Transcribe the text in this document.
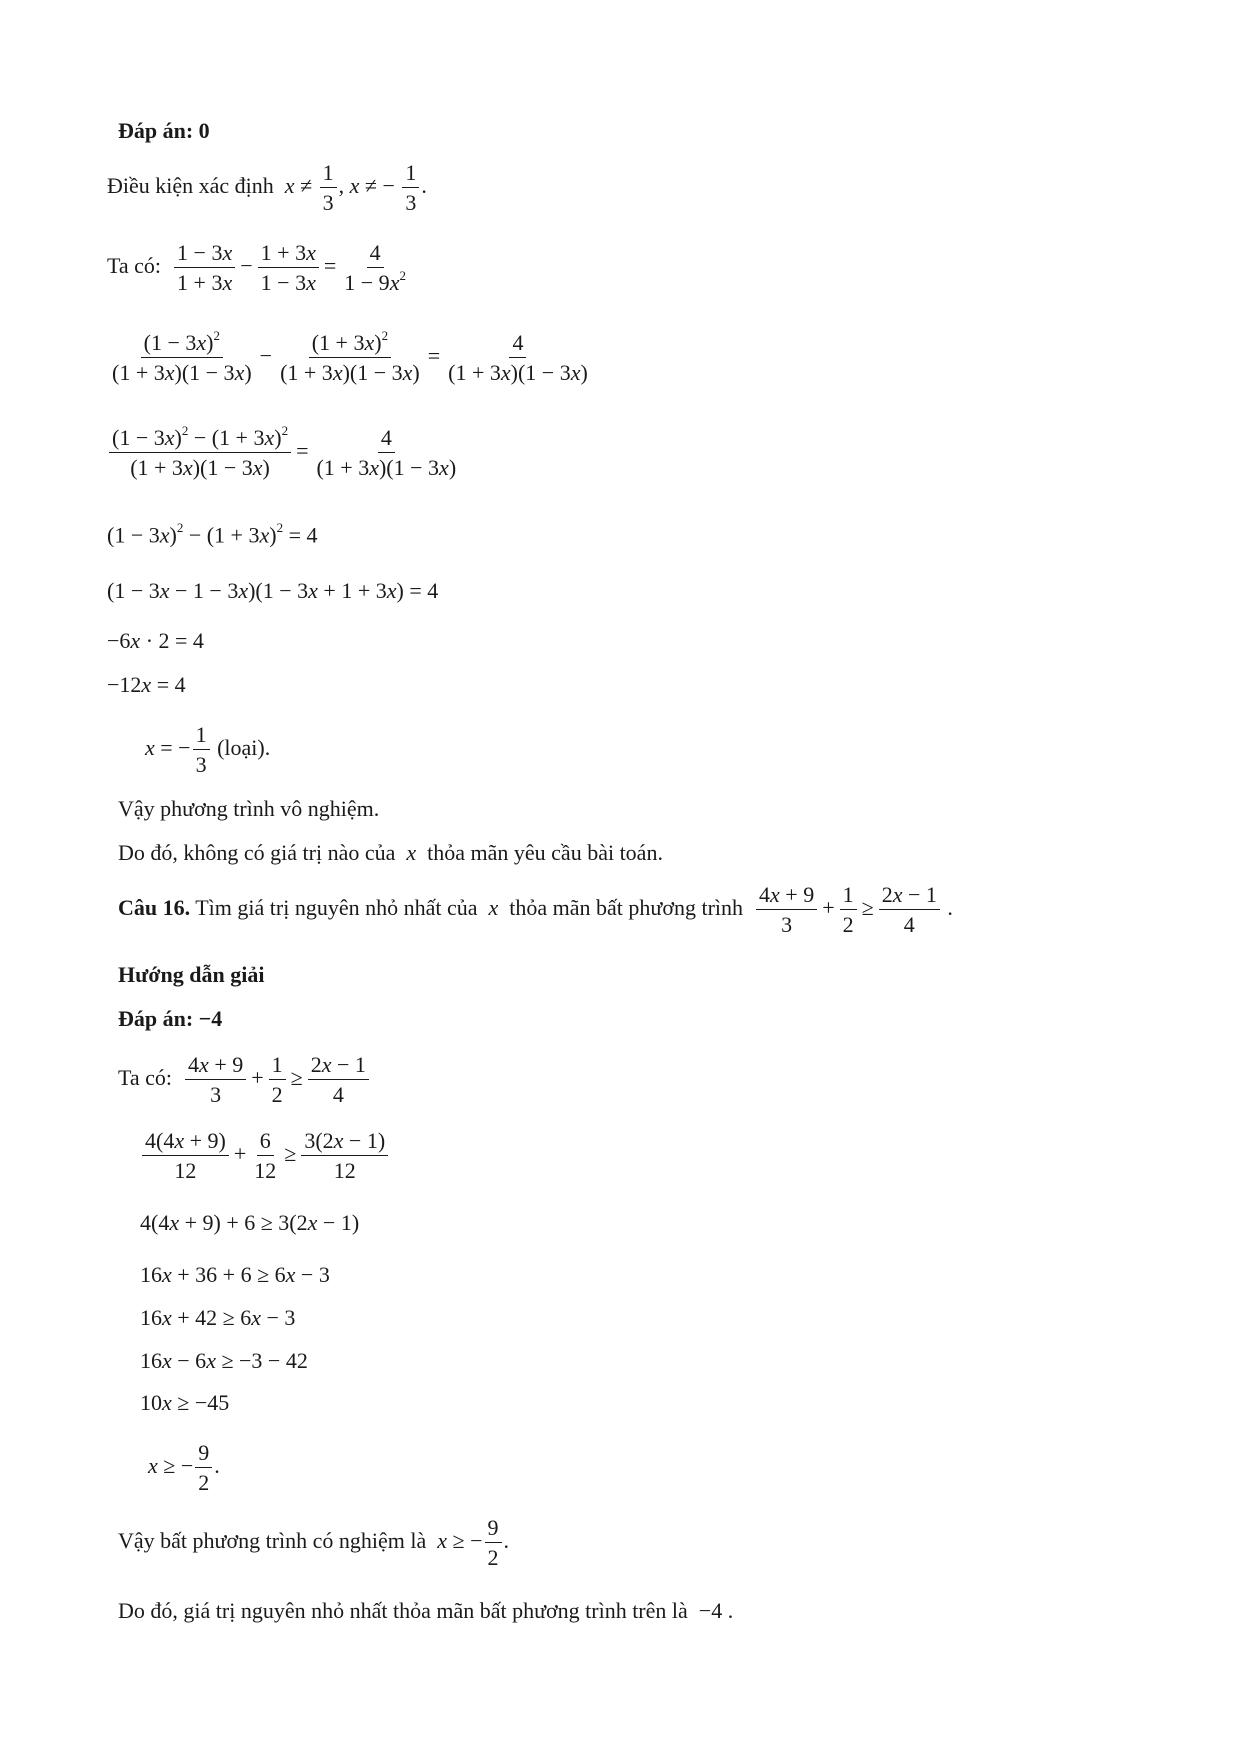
Đáp án: 0
Điều kiện xác định $x \ne \frac{1}{3}$ , x ≠ − $\frac{1}{3}$ .
Ta có: $\frac{1 - 3x}{1 + 3x} - \frac{1 + 3x}{1 - 3x} = \frac{4}{1 - 9x^2}$
$\frac{(1 - 3x)^2}{(1 + 3x)(1 - 3x)} - \frac{(1 + 3x)^2}{(1 + 3x)(1 - 3x)} = \frac{4}{(1 + 3x)(1 - 3x)}$
$\frac{(1 - 3x)^2 - (1 + 3x)^2}{(1 + 3x)(1 - 3x)} = \frac{4}{(1 + 3x)(1 - 3x)}$
$(1 - 3x)^2 - (1 + 3x)^2 = 4$
(1 − 3x − 1 − 3x)(1 − 3x + 1 + 3x) = 4
−6x · 2 = 4
−12x = 4
x = − $\frac{1}{3}$ (loại).
Vậy phương trình vô nghiệm.
Do đó, không có giá trị nào của x thỏa mãn yêu cầu bài toán.
Câu 16. Tìm giá trị nguyên nhỏ nhất của x thỏa mãn bất phương trình $\frac{4x + 9}{3} + \frac{1}{2} \ge \frac{2x - 1}{4}$ .
Hướng dẫn giải
Đáp án: −4
Ta có: $\frac{4x + 9}{3} + \frac{1}{2} \ge \frac{2x - 1}{4}$
$\frac{4(4x + 9)}{12} + \frac{6}{12} \ge \frac{3(2x - 1)}{12}$
4(4x + 9) + 6 ≥ 3(2x − 1)
16x + 36 + 6 ≥ 6x − 3
16x + 42 ≥ 6x − 3
16x − 6x ≥ −3 − 42
10x ≥ −45
x ≥ − $\frac{9}{2}$ .
Vậy bất phương trình có nghiệm là x ≥ − $\frac{9}{2}$ .
Do đó, giá trị nguyên nhỏ nhất thỏa mãn bất phương trình trên là −4 .
